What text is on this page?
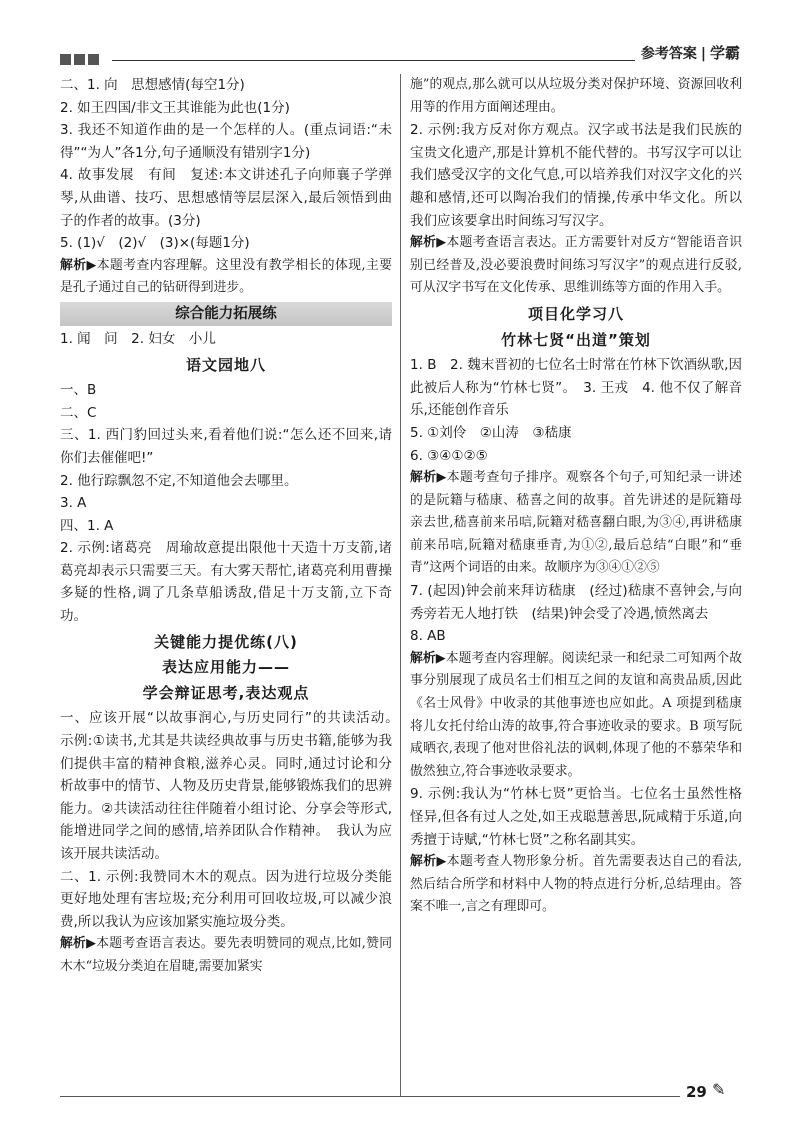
参考答案 | 学霸

二、1. 向　思想感情(每空1分)

2. 如王四国/非文王其谁能为此也(1分)

3. 我还不知道作曲的是一个怎样的人。(重点词语:“未得”“为人”各1分,句子通顺没有错别字1分)

4. 故事发展　有间　复述:本文讲述孔子向师襄子学弹琴,从曲谱、技巧、思想感情等层层深入,最后领悟到曲子的作者的故事。(3分)

5. (1)√　(2)√　(3)×(每题1分)

解析▶本题考查内容理解。这里没有教学相长的体现,主要是孔子通过自己的钻研得到进步。

综合能力拓展练

1. 闻　问　2. 妇女　小儿

语文园地八

一、B

二、C

三、1. 西门豹回过头来,看着他们说:“怎么还不回来,请你们去催催吧!”

2. 他行踪飘忽不定,不知道他会去哪里。

3. A

四、1. A

2. 示例:诸葛亮　周瑜故意提出限他十天造十万支箭,诸葛亮却表示只需要三天。有大雾天帮忙,诸葛亮利用曹操多疑的性格,调了几条草船诱敌,借足十万支箭,立下奇功。

关键能力提优练(八)
表达应用能力——
学会辩证思考,表达观点

一、应该开展“以故事润心,与历史同行”的共读活动。　示例:①读书,尤其是共读经典故事与历史书籍,能够为我们提供丰富的精神食粮,滋养心灵。同时,通过讨论和分析故事中的情节、人物及历史背景,能够锻炼我们的思辨能力。②共读活动往往伴随着小组讨论、分享会等形式,能增进同学之间的感情,培养团队合作精神。　我认为应该开展共读活动。

二、1. 示例:我赞同木木的观点。因为进行垃圾分类能更好地处理有害垃圾;充分利用可回收垃圾,可以减少浪费,所以我认为应该加紧实施垃圾分类。

解析▶本题考查语言表达。要先表明赞同的观点,比如,赞同木木“垃圾分类迫在眉睫,需要加紧实

施”的观点,那么就可以从垃圾分类对保护环境、资源回收利用等的作用方面阐述理由。

2. 示例:我方反对你方观点。汉字或书法是我们民族的宝贵文化遗产,那是计算机不能代替的。书写汉字可以让我们感受汉字的文化气息,可以培养我们对汉字文化的兴趣和感情,还可以陶冶我们的情操,传承中华文化。所以我们应该要拿出时间练习写汉字。

解析▶本题考查语言表达。正方需要针对反方“智能语音识别已经普及,没必要浪费时间练习写汉字”的观点进行反驳,可从汉字书写在文化传承、思维训练等方面的作用入手。

项目化学习八
竹林七贤“出道”策划

1. B　2. 魏末晋初的七位名士时常在竹林下饮酒纵歌,因此被后人称为“竹林七贤”。　3. 王戎　4. 他不仅了解音乐,还能创作音乐

5. ①刘伶　②山涛　③嵇康

6. ③④①②⑤

解析▶本题考查句子排序。观察各个句子,可知纪录一讲述的是阮籍与嵇康、嵇喜之间的故事。首先讲述的是阮籍母亲去世,嵇喜前来吊唁,阮籍对嵇喜翻白眼,为③④,再讲嵇康前来吊唁,阮籍对嵇康垂青,为①②,最后总结“白眼”和“垂青”这两个词语的由来。故顺序为③④①②⑤

7. (起因)钟会前来拜访嵇康　(经过)嵇康不喜钟会,与向秀旁若无人地打铁　(结果)钟会受了冷遇,愤然离去

8. AB

解析▶本题考查内容理解。阅读纪录一和纪录二可知两个故事分别展现了成员名士们相互之间的友谊和高贵品质,因此《名士风骨》中收录的其他事迹也应如此。A 项提到嵇康将儿女托付给山涛的故事,符合事迹收录的要求。B 项写阮咸晒衣,表现了他对世俗礼法的讽刺,体现了他的不慕荣华和傲然独立,符合事迹收录要求。

9. 示例:我认为“竹林七贤”更恰当。七位名士虽然性格怪异,但各有过人之处,如王戎聪慧善思,阮咸精于乐道,向秀擅于诗赋,“竹林七贤”之称名副其实。

解析▶本题考查人物形象分析。首先需要表达自己的看法,然后结合所学和材料中人物的特点进行分析,总结理由。答案不唯一,言之有理即可。

29 ✎
